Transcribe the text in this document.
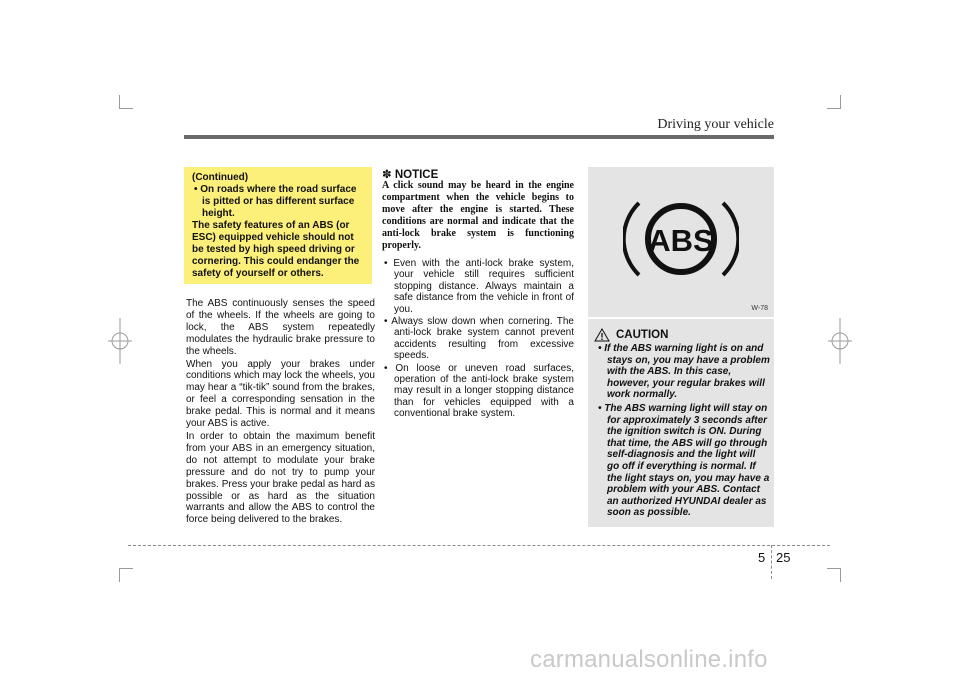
Driving your vehicle

(Continued)

• On roads where the road surface is pitted or has different surface height.

The safety features of an ABS (or ESC) equipped vehicle should not be tested by high speed driving or cornering. This could endanger the safety of yourself or others.

The ABS continuously senses the speed of the wheels. If the wheels are going to lock, the ABS system repeatedly modulates the hydraulic brake pressure to the wheels.

When you apply your brakes under conditions which may lock the wheels, you may hear a “tik-tik” sound from the brakes, or feel a corresponding sensation in the brake pedal. This is normal and it means your ABS is active.

In order to obtain the maximum benefit from your ABS in an emergency situation, do not attempt to modulate your brake pressure and do not try to pump your brakes. Press your brake pedal as hard as possible or as hard as the situation warrants and allow the ABS to control the force being delivered to the brakes.

✽ NOTICE
A click sound may be heard in the engine compartment when the vehicle begins to move after the engine is started. These conditions are normal and indicate that the anti-lock brake system is functioning properly.
• Even with the anti-lock brake system, your vehicle still requires sufficient stopping distance. Always maintain a safe distance from the vehicle in front of you.
• Always slow down when cornering. The anti-lock brake system cannot prevent accidents resulting from excessive speeds.
• On loose or uneven road surfaces, operation of the anti-lock brake system may result in a longer stopping distance than for vehicles equipped with a conventional brake system.
ABS
W-78
CAUTION
• If the ABS warning light is on and stays on, you may have a problem with the ABS. In this case, however, your regular brakes will work normally.
• The ABS warning light will stay on for approximately 3 seconds after the ignition switch is ON. During that time, the ABS will go through self-diagnosis and the light will go off if everything is normal. If the light stays on, you may have a problem with your ABS. Contact an authorized HYUNDAI dealer as soon as possible.
5 25
carmanualsonline.info
